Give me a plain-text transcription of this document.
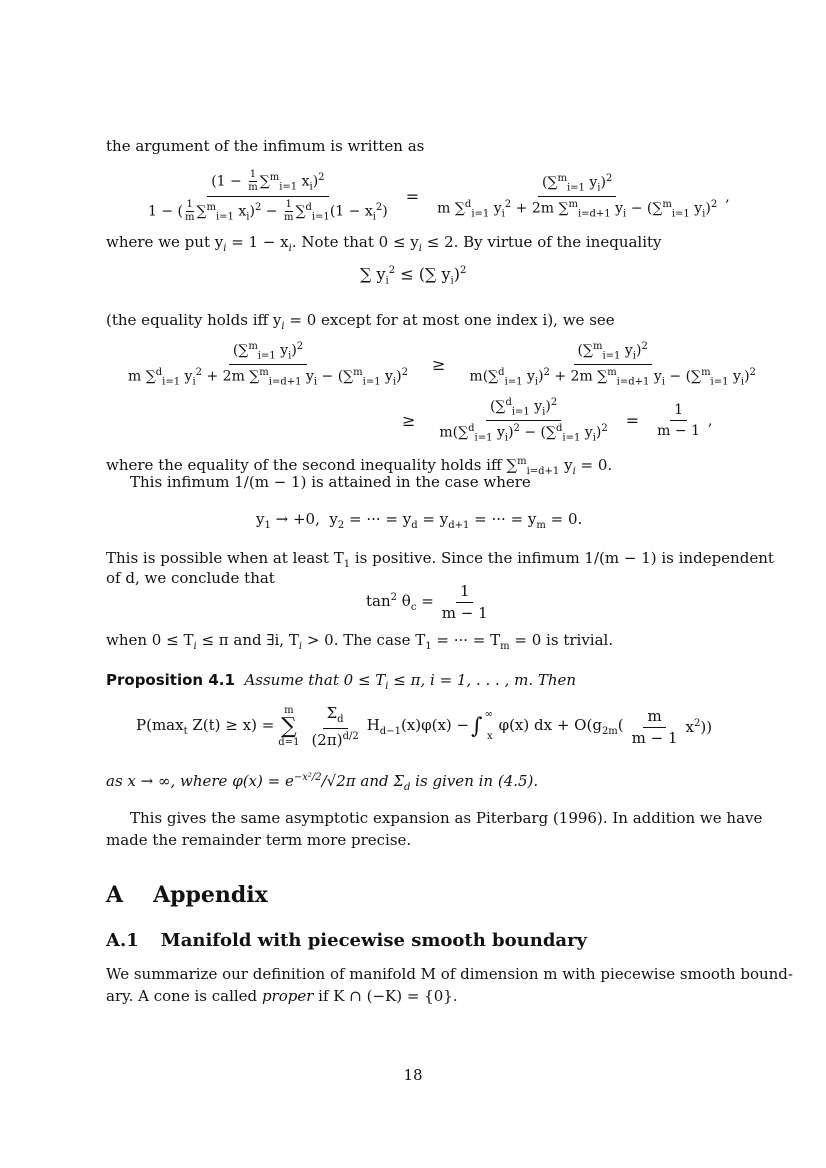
the argument of the infimum is written as
$\frac{(1 - \frac{1}{m} \sum^m_{i=1} x_i)^2}{1 - ( \frac{1}{m} \sum^m_{i=1} x_i)^2 - \frac{1}{m} \sum^d_{i=1}(1 - x_i^2)} = \frac{(\sum^m_{i=1} y_i)^2}{m \sum^d_{i=1} y_i^2 + 2m \sum^m_{i=d+1} y_i - (\sum^m_{i=1} y_i)^2}$ ,
where we put $y_i = 1 - x_i$. Note that $0 \le y_i \le 2$. By virtue of the inequality
∑ $y_i^2$ ≤ (∑ $y_i)^2$
(the equality holds iff $y_i = 0$ except for at most one index i), we see
$\frac{(\sum^m_{i=1} y_i)^2}{m \sum^d_{i=1} y_i^2 + 2m \sum^m_{i=d+1} y_i - (\sum^m_{i=1} y_i)^2} \ge \frac{(\sum^m_{i=1} y_i)^2}{m(\sum^d_{i=1} y_i)^2 + 2m \sum^m_{i=d+1} y_i - (\sum^m_{i=1} y_i)^2}$
≥ $\frac{(\sum^d_{i=1} y_i)^2}{m(\sum^d_{i=1} y_i)^2 - (\sum^d_{i=1} y_i)^2} = \frac{1}{m - 1}$ ,
where the equality of the second inequality holds iff ∑$^m_{i=d+1}$ $y_i = 0$.
This infimum 1/(m − 1) is attained in the case where
$y_1 \to +0$,  $y_2$ = ··· = $y_d = y_{d+1}$ = ··· = $y_m = 0$.
This is possible when at least $T_1$ is positive. Since the infimum 1/(m − 1) is independent
of d, we conclude that
$\tan^2 \theta_c = \frac{1}{m - 1}$
when $0 \le T_i \le \pi$ and ∃i, $T_i > 0$. The case $T_1$ = ··· = $T_m = 0$ is trivial.
Proposition 4.1 Assume that $0 \le T_i \le \pi$, i = 1, . . . , m. Then
$P(\max_t$ Z(t) ≥ x) =
m
∑
$d=1 \frac{\Sigma_d}{(2\pi)^{d/2}} H_{d-1}(x)\varphi(x)$ − ∫ ∞
x
φ(x) dx + $O(g_{2m}( \frac{m}{m - 1} x^2))$
as x → ∞, where $\varphi(x) = e^{-x^2/2}/√2\pi$ and $\Sigma_d$ is given in (4.5).
This gives the same asymptotic expansion as Piterbarg (1996). In addition we have
made the remainder term more precise.
A Appendix
A.1 Manifold with piecewise smooth boundary
We summarize our definition of manifold M of dimension m with piecewise smooth bound-
ary. A cone is called proper if K ∩ (−K) = {0}.
18
